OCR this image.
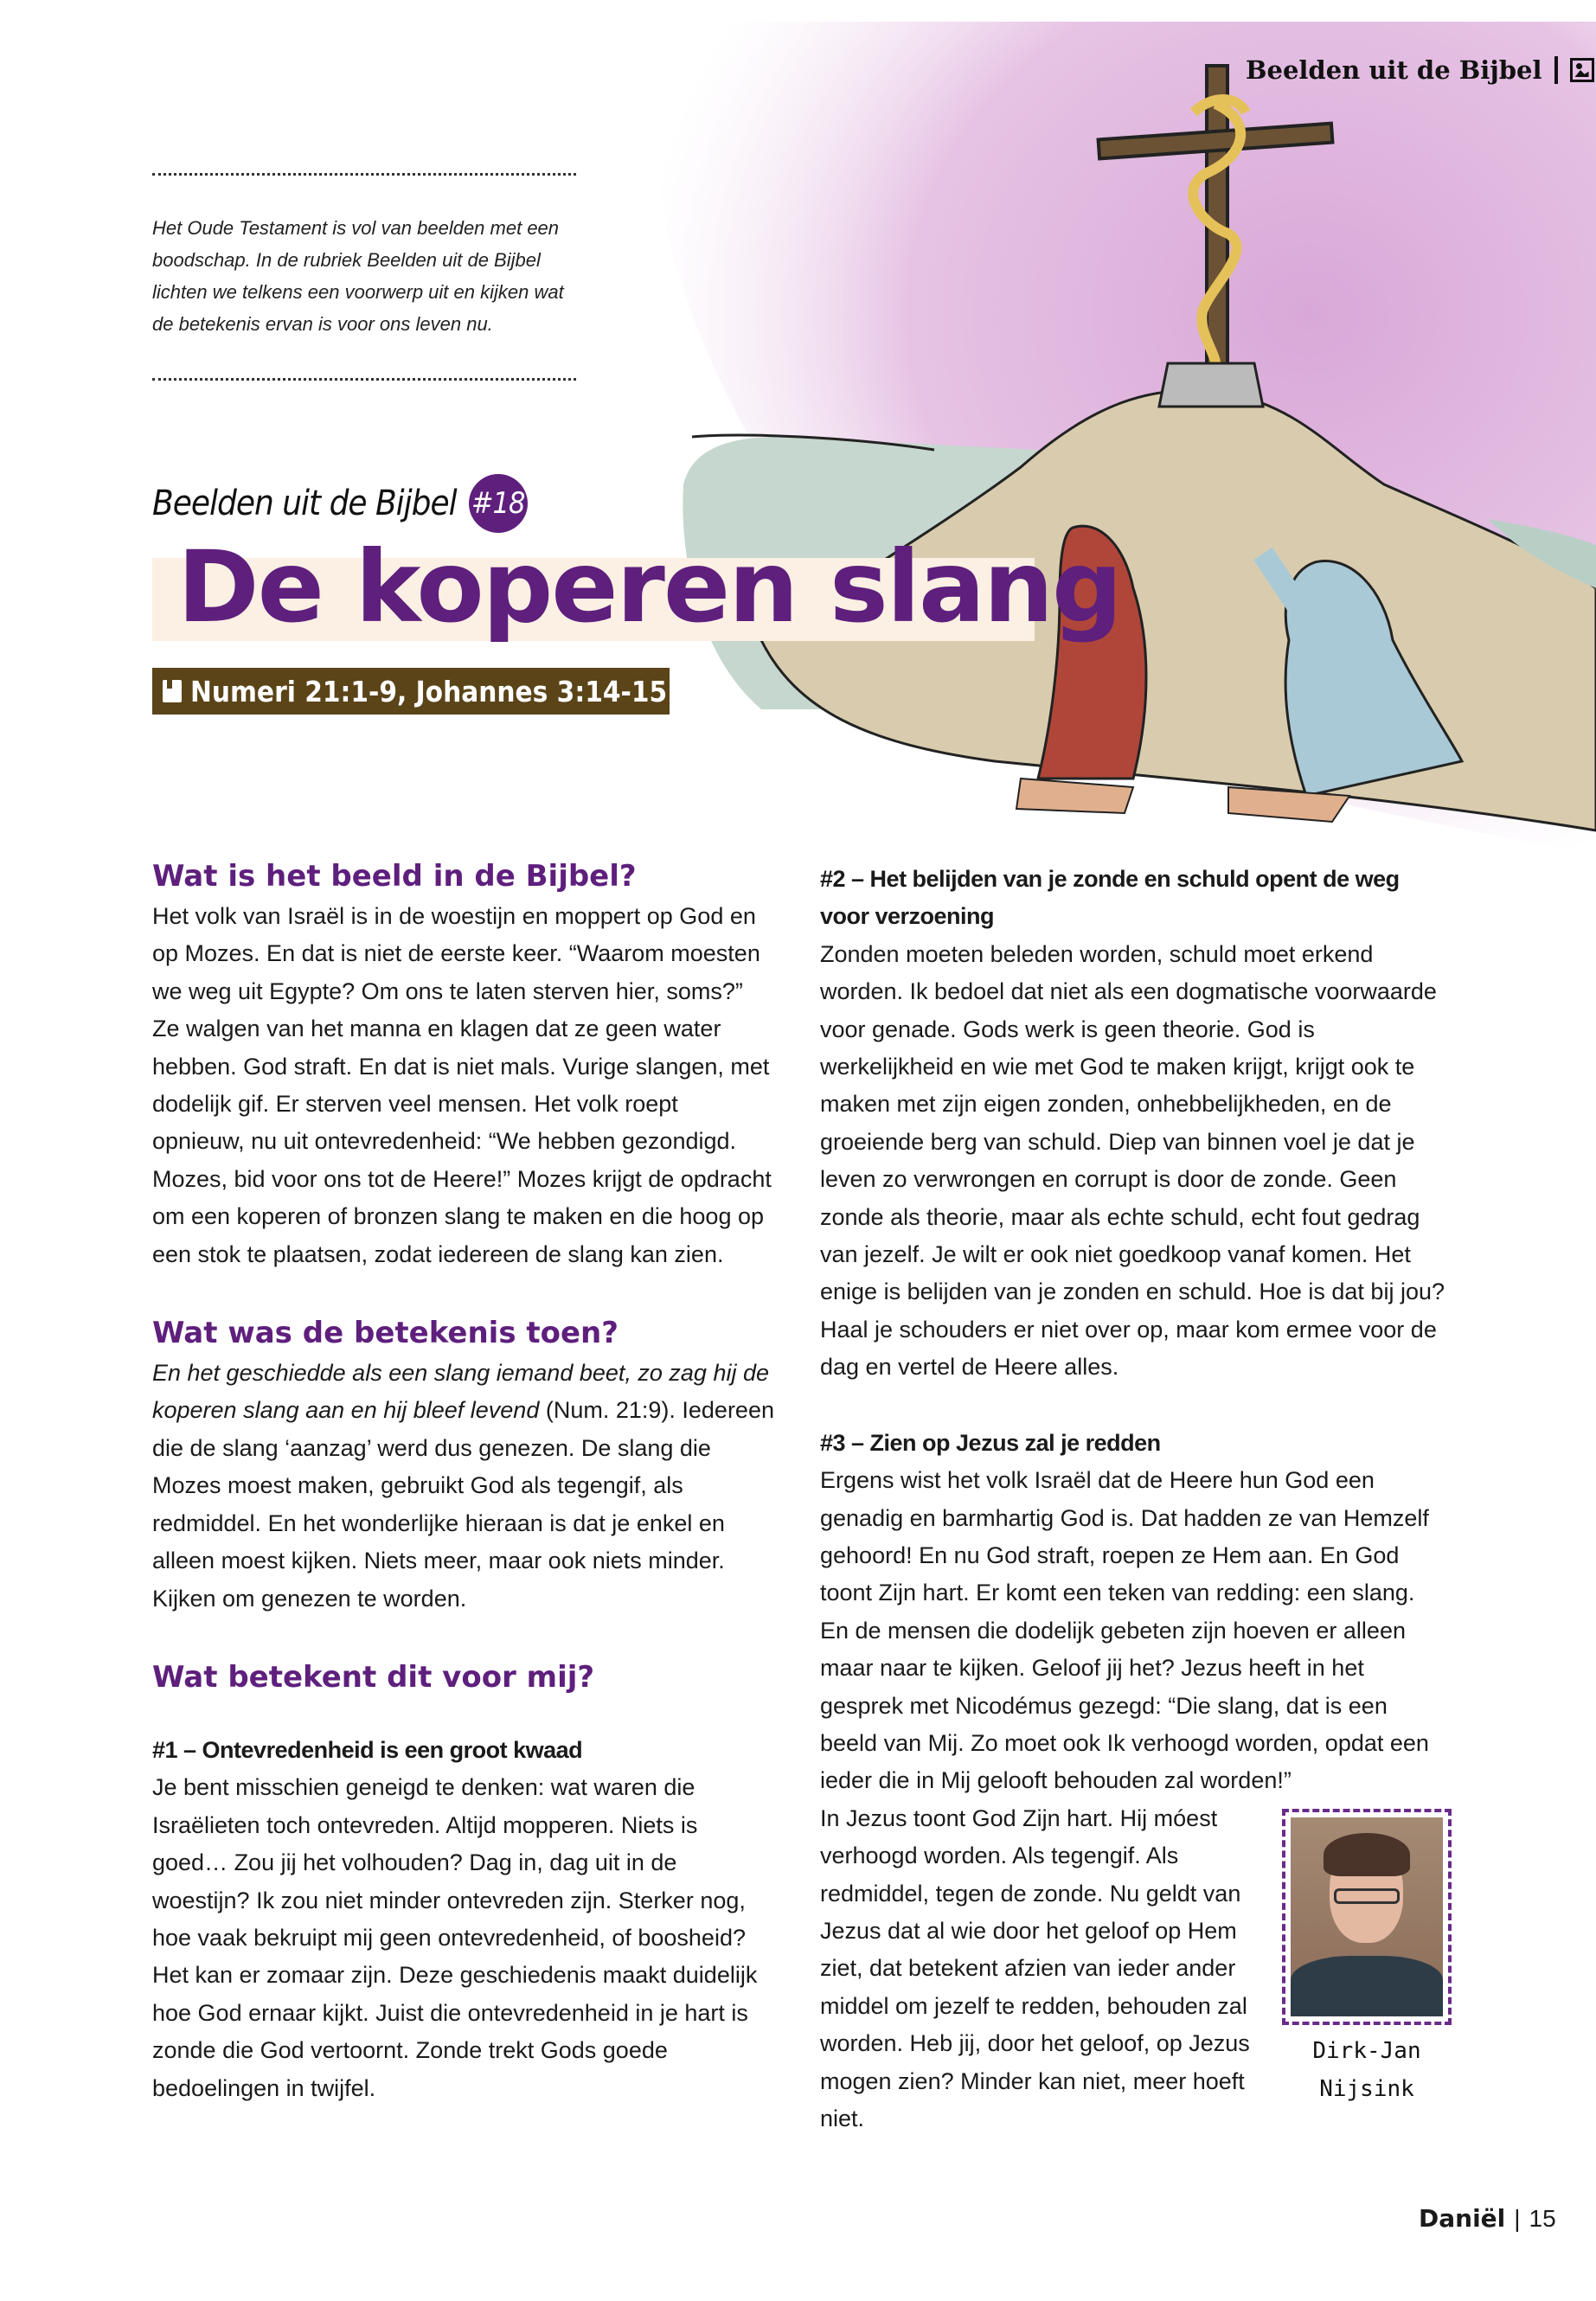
Beelden uit de Bijbel
Het Oude Testament is vol van beelden met een boodschap. In de rubriek Beelden uit de Bijbel lichten we telkens een voorwerp uit en kijken wat de betekenis ervan is voor ons leven nu.
Beelden uit de Bijbel #18
De koperen slang
Numeri 21:1-9, Johannes 3:14-15
Wat is het beeld in de Bijbel?

Het volk van Israël is in de woestijn en moppert op God en op Mozes. En dat is niet de eerste keer. “Waarom moesten we weg uit Egypte? Om ons te laten sterven hier, soms?” Ze walgen van het manna en klagen dat ze geen water hebben. God straft. En dat is niet mals. Vurige slangen, met dodelijk gif. Er sterven veel mensen. Het volk roept opnieuw, nu uit ontevredenheid: “We hebben gezondigd. Mozes, bid voor ons tot de Heere!” Mozes krijgt de opdracht om een koperen of bronzen slang te maken en die hoog op een stok te plaatsen, zodat iedereen de slang kan zien.

Wat was de betekenis toen?

En het geschiedde als een slang iemand beet, zo zag hij de koperen slang aan en hij bleef levend (Num. 21:9). Iedereen die de slang ‘aanzag’ werd dus genezen. De slang die Mozes moest maken, gebruikt God als tegengif, als redmiddel. En het wonderlijke hieraan is dat je enkel en alleen moest kijken. Niets meer, maar ook niets minder. Kijken om genezen te worden.

Wat betekent dit voor mij?
#1 – Ontevredenheid is een groot kwaad

Je bent misschien geneigd te denken: wat waren die Israëlieten toch ontevreden. Altijd mopperen. Niets is goed… Zou jij het volhouden? Dag in, dag uit in de woestijn? Ik zou niet minder ontevreden zijn. Sterker nog, hoe vaak bekruipt mij geen ontevredenheid, of boosheid? Het kan er zomaar zijn. Deze geschiedenis maakt duidelijk hoe God ernaar kijkt. Juist die ontevredenheid in je hart is zonde die God vertoornt. Zonde trekt Gods goede bedoelingen in twijfel.

#2 – Het belijden van je zonde en schuld opent de weg voor verzoening

Zonden moeten beleden worden, schuld moet erkend worden. Ik bedoel dat niet als een dogmatische voorwaarde voor genade. Gods werk is geen theorie. God is werkelijkheid en wie met God te maken krijgt, krijgt ook te maken met zijn eigen zonden, onhebbelijkheden, en de groeiende berg van schuld. Diep van binnen voel je dat je leven zo verwrongen en corrupt is door de zonde. Geen zonde als theorie, maar als echte schuld, echt fout gedrag van jezelf. Je wilt er ook niet goedkoop vanaf komen. Het enige is belijden van je zonden en schuld. Hoe is dat bij jou? Haal je schouders er niet over op, maar kom ermee voor de dag en vertel de Heere alles.

#3 – Zien op Jezus zal je redden

Ergens wist het volk Israël dat de Heere hun God een genadig en barmhartig God is. Dat hadden ze van Hemzelf gehoord! En nu God straft, roepen ze Hem aan. En God toont Zijn hart. Er komt een teken van redding: een slang. En de mensen die dodelijk gebeten zijn hoeven er alleen maar naar te kijken. Geloof jij het? Jezus heeft in het gesprek met Nicodémus gezegd: “Die slang, dat is een beeld van Mij. Zo moet ook Ik verhoogd worden, opdat een ieder die in Mij gelooft behouden zal worden!”

Dirk-Jan
Nijsink

In Jezus toont God Zijn hart. Hij móest verhoogd worden. Als tegengif. Als redmiddel, tegen de zonde. Nu geldt van Jezus dat al wie door het geloof op Hem ziet, dat betekent afzien van ieder ander middel om jezelf te redden, behouden zal worden. Heb jij, door het geloof, op Jezus mogen zien? Minder kan niet, meer hoeft niet.

Daniël | 15
